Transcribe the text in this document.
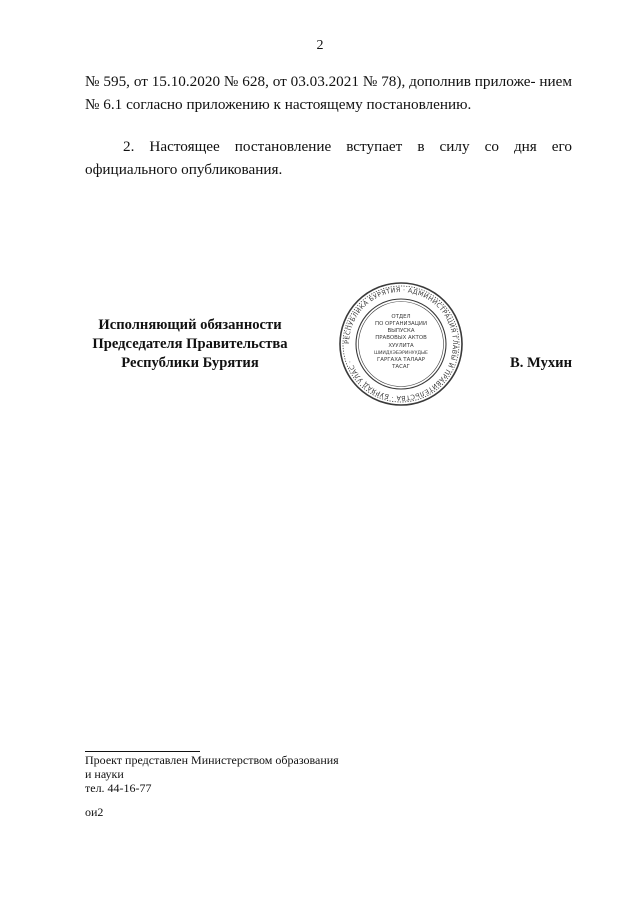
2

№ 595, от 15.10.2020 № 628, от 03.03.2021 № 78), дополнив приложе- нием № 6.1 согласно приложению к настоящему постановлению.

2. Настоящее постановление вступает в силу со дня его официального опубликования.

Исполняющий обязанности
Председателя Правительства
Республики Бурятия
РЕСПУБЛИКА БУРЯТИЯ · АДМИНИСТРАЦИЯ ГЛАВЫ И ПРАВИТЕЛЬСТВА · БУРЯАД УЛАС ·
ОТДЕЛ
ПО ОРГАНИЗАЦИИ
ВЫПУСКА
ПРАВОВЫХ АКТОВ
ХУУЛИТА
ШИИДХЭБЭРИНУУДЫЕ
ГАРГАХА ТАЛААР
ТАСАГ	В. Мухин
Проект представлен Министерством образования
и науки
тел. 44-16-77
ои2
